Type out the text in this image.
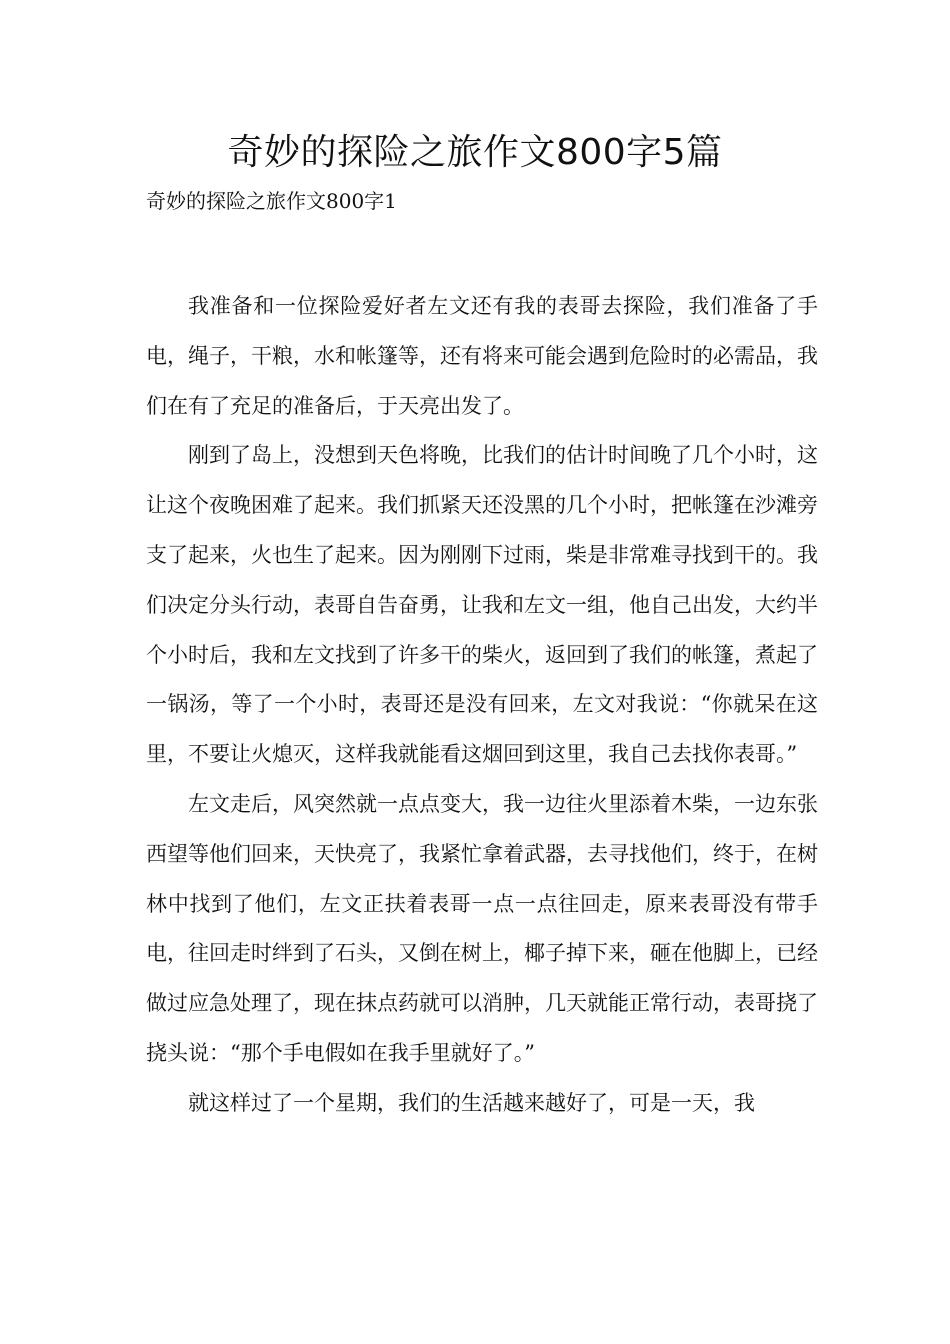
奇妙的探险之旅作文800字5篇
奇妙的探险之旅作文800字1

我准备和一位探险爱好者左文还有我的表哥去探险，我们准备了手电，绳子，干粮，水和帐篷等，还有将来可能会遇到危险时的必需品，我们在有了充足的准备后，于天亮出发了。

刚到了岛上，没想到天色将晚，比我们的估计时间晚了几个小时，这让这个夜晚困难了起来。我们抓紧天还没黑的几个小时，把帐篷在沙滩旁支了起来，火也生了起来。因为刚刚下过雨，柴是非常难寻找到干的。我们决定分头行动，表哥自告奋勇，让我和左文一组，他自己出发，大约半个小时后，我和左文找到了许多干的柴火，返回到了我们的帐篷，煮起了一锅汤，等了一个小时，表哥还是没有回来，左文对我说：“你就呆在这里，不要让火熄灭，这样我就能看这烟回到这里，我自己去找你表哥。”

左文走后，风突然就一点点变大，我一边往火里添着木柴，一边东张西望等他们回来，天快亮了，我紧忙拿着武器，去寻找他们，终于，在树林中找到了他们，左文正扶着表哥一点一点往回走，原来表哥没有带手电，往回走时绊到了石头，又倒在树上，椰子掉下来，砸在他脚上，已经做过应急处理了，现在抹点药就可以消肿，几天就能正常行动，表哥挠了挠头说：“那个手电假如在我手里就好了。”

就这样过了一个星期，我们的生活越来越好了，可是一天，我
